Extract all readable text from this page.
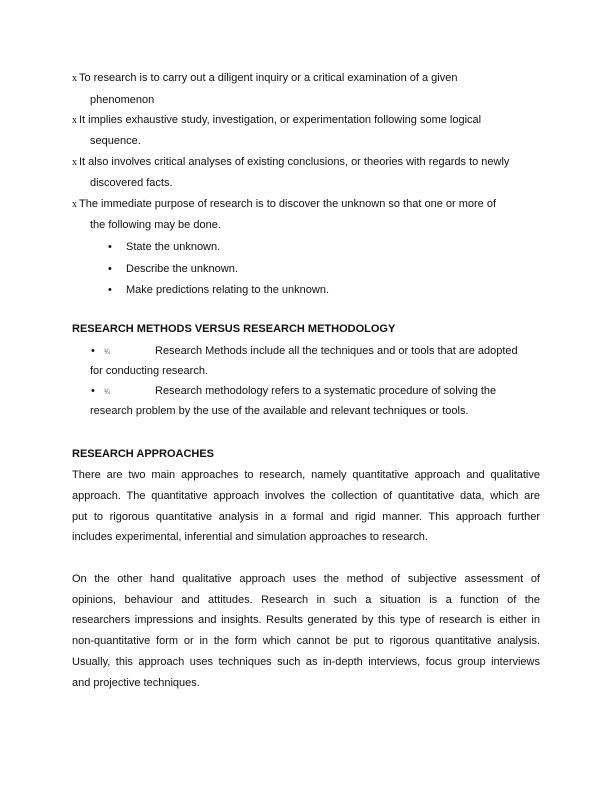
x To research is to carry out a diligent inquiry or a critical examination of a given
phenomenon
x It implies exhaustive study, investigation, or experimentation following some logical
sequence.
x It also involves critical analyses of existing conclusions, or theories with regards to newly
discovered facts.
x The immediate purpose of research is to discover the unknown so that one or more of
the following may be done.
• State the unknown.
• Describe the unknown.
• Make predictions relating to the unknown.
RESEARCH METHODS VERSUS RESEARCH METHODOLOGY
• ¾	Research Methods include all the techniques and or tools that are adopted
for conducting research.
• ¾	Research methodology refers to a systematic procedure of solving the
research problem by the use of the available and relevant techniques or tools.
RESEARCH APPROACHES
There are two main approaches to research, namely quantitative approach and qualitative
approach. The quantitative approach involves the collection of quantitative data, which are
put to rigorous quantitative analysis in a formal and rigid manner. This approach further
includes experimental, inferential and simulation approaches to research.
On the other hand qualitative approach uses the method of subjective assessment of
opinions, behaviour and attitudes. Research in such a situation is a function of the
researchers impressions and insights. Results generated by this type of research is either in
non-quantitative form or in the form which cannot be put to rigorous quantitative analysis.
Usually, this approach uses techniques such as in-depth interviews, focus group interviews
and projective techniques.
